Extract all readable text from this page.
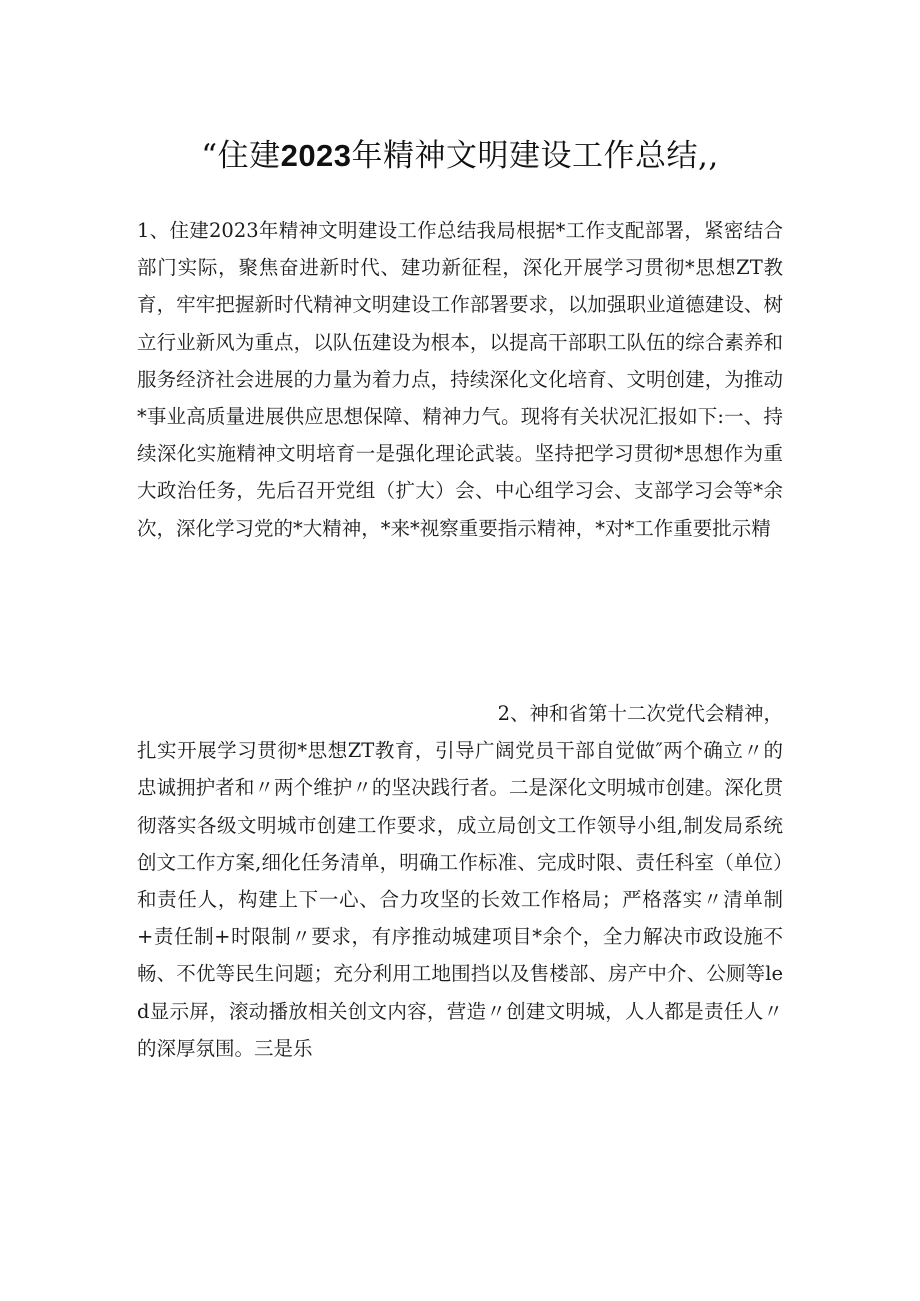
“住建2023年精神文明建设工作总结,,
1、住建2023年精神文明建设工作总结我局根据*工作支配部署，紧密结合部门实际，聚焦奋进新时代、建功新征程，深化开展学习贯彻*思想ZT教育，牢牢把握新时代精神文明建设工作部署要求，以加强职业道德建设、树立行业新风为重点，以队伍建设为根本，以提高干部职工队伍的综合素养和服务经济社会进展的力量为着力点，持续深化文化培育、文明创建，为推动*事业高质量进展供应思想保障、精神力气。现将有关状况汇报如下:一、持续深化实施精神文明培育一是强化理论武装。坚持把学习贯彻*思想作为重大政治任务，先后召开党组（扩大）会、中心组学习会、支部学习会等*余次，深化学习党的*大精神，*来*视察重要指示精神，*对*工作重要批示精
2、神和省第十二次党代会精神，
扎实开展学习贯彻*思想ZT教育，引导广阔党员干部自觉做″两个确立〃的忠诚拥护者和〃两个维护〃的坚决践行者。二是深化文明城市创建。深化贯彻落实各级文明城市创建工作要求，成立局创文工作领导小组,制发局系统创文工作方案,细化任务清单，明确工作标准、完成时限、责任科室（单位）和责任人，构建上下一心、合力攻坚的长效工作格局；严格落实〃清单制+责任制+时限制〃要求，有序推动城建项目*余个，全力解决市政设施不畅、不优等民生问题；充分利用工地围挡以及售楼部、房产中介、公厕等led显示屏，滚动播放相关创文内容，营造〃创建文明城，人人都是责任人〃的深厚氛围。三是乐
